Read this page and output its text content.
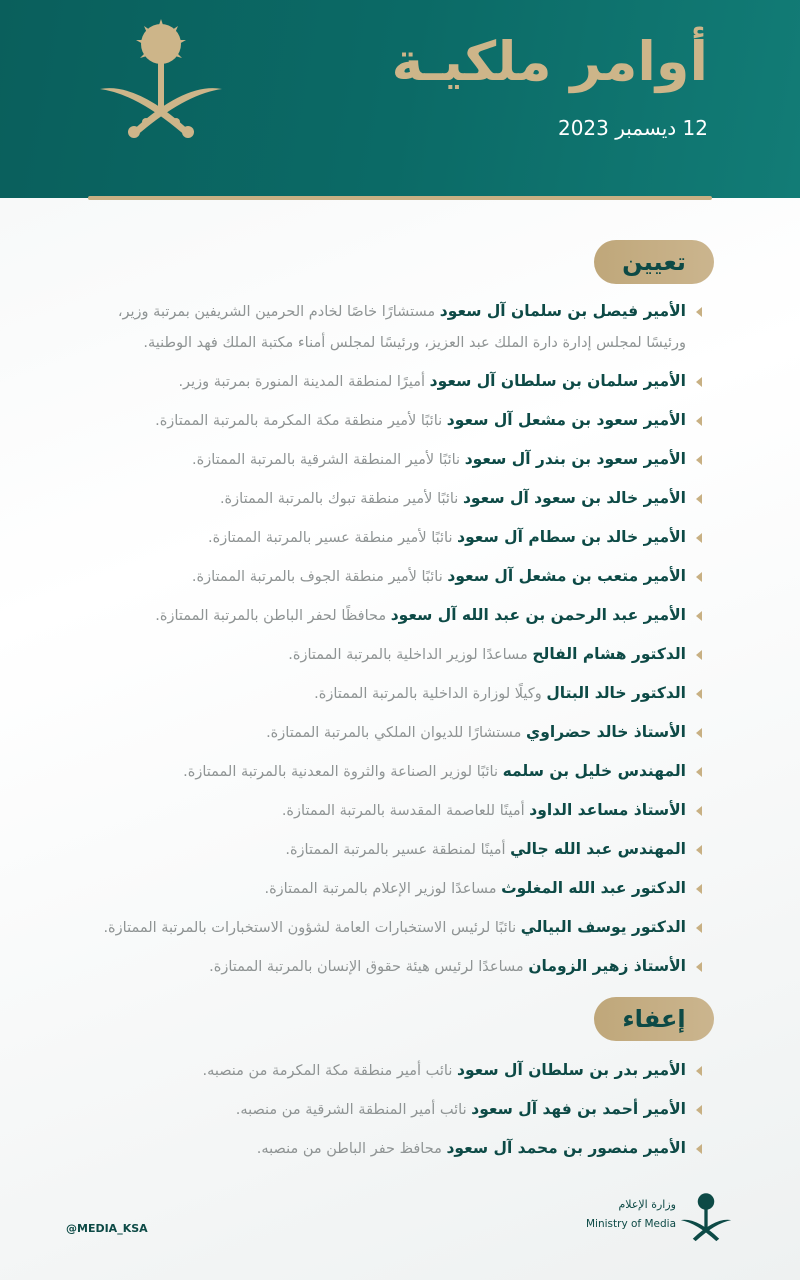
أوامر ملكيـة
12 ديسمبر 2023
تعيين
الأمير فيصل بن سلمان آل سعود مستشارًا خاصًا لخادم الحرمين الشريفين بمرتبة وزير، ورئيسًا لمجلس إدارة دارة الملك عبد العزيز، ورئيسًا لمجلس أمناء مكتبة الملك فهد الوطنية.
الأمير سلمان بن سلطان آل سعود أميرًا لمنطقة المدينة المنورة بمرتبة وزير.
الأمير سعود بن مشعل آل سعود نائبًا لأمير منطقة مكة المكرمة بالمرتبة الممتازة.
الأمير سعود بن بندر آل سعود نائبًا لأمير المنطقة الشرقية بالمرتبة الممتازة.
الأمير خالد بن سعود آل سعود نائبًا لأمير منطقة تبوك بالمرتبة الممتازة.
الأمير خالد بن سطام آل سعود نائبًا لأمير منطقة عسير بالمرتبة الممتازة.
الأمير متعب بن مشعل آل سعود نائبًا لأمير منطقة الجوف بالمرتبة الممتازة.
الأمير عبد الرحمن بن عبد الله آل سعود محافظًا لحفر الباطن بالمرتبة الممتازة.
الدكتور هشام الفالح مساعدًا لوزير الداخلية بالمرتبة الممتازة.
الدكتور خالد البتال وكيلًا لوزارة الداخلية بالمرتبة الممتازة.
الأستاذ خالد حضراوي مستشارًا للديوان الملكي بالمرتبة الممتازة.
المهندس خليل بن سلمه نائبًا لوزير الصناعة والثروة المعدنية بالمرتبة الممتازة.
الأستاذ مساعد الداود أمينًا للعاصمة المقدسة بالمرتبة الممتازة.
المهندس عبد الله جالي أمينًا لمنطقة عسير بالمرتبة الممتازة.
الدكتور عبد الله المغلوث مساعدًا لوزير الإعلام بالمرتبة الممتازة.
الدكتور يوسف البيالي نائبًا لرئيس الاستخبارات العامة لشؤون الاستخبارات بالمرتبة الممتازة.
الأستاذ زهير الزومان مساعدًا لرئيس هيئة حقوق الإنسان بالمرتبة الممتازة.
إعفاء
الأمير بدر بن سلطان آل سعود نائب أمير منطقة مكة المكرمة من منصبه.
الأمير أحمد بن فهد آل سعود نائب أمير المنطقة الشرقية من منصبه.
الأمير منصور بن محمد آل سعود محافظ حفر الباطن من منصبه.
@MEDIA_KSA
وزارة الإعلام
Ministry of Media
